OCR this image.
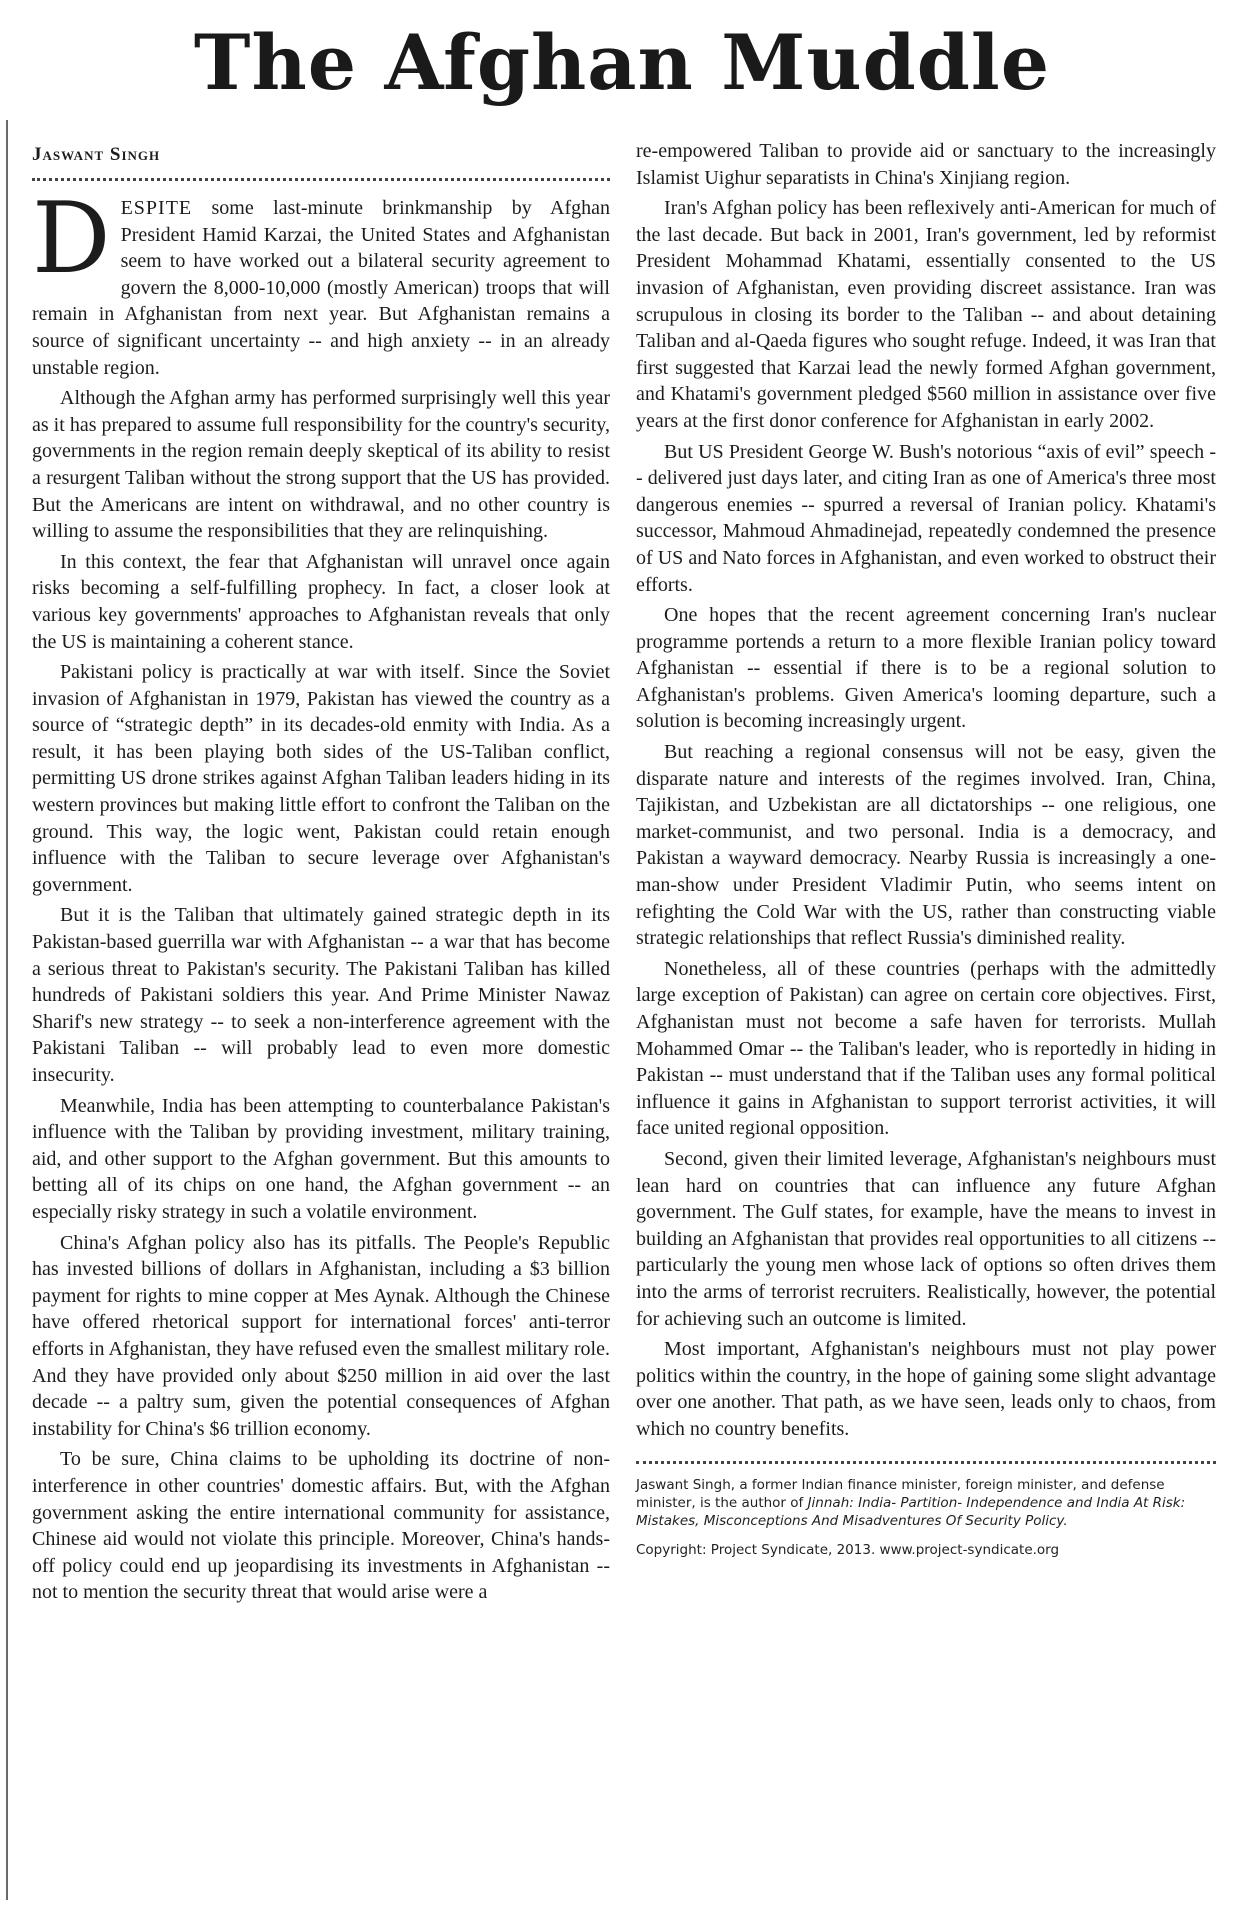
The Afghan Muddle
Jaswant Singh

DESPITE some last-minute brinkmanship by Afghan President Hamid Karzai, the United States and Afghanistan seem to have worked out a bilateral security agreement to govern the 8,000-10,000 (mostly American) troops that will remain in Afghanistan from next year. But Afghanistan remains a source of significant uncertainty -- and high anxiety -- in an already unstable region.

Although the Afghan army has performed surprisingly well this year as it has prepared to assume full responsibility for the country's security, governments in the region remain deeply skeptical of its ability to resist a resurgent Taliban without the strong support that the US has provided. But the Americans are intent on withdrawal, and no other country is willing to assume the responsibilities that they are relinquishing.

In this context, the fear that Afghanistan will unravel once again risks becoming a self-fulfilling prophecy. In fact, a closer look at various key governments' approaches to Afghanistan reveals that only the US is maintaining a coherent stance.

Pakistani policy is practically at war with itself. Since the Soviet invasion of Afghanistan in 1979, Pakistan has viewed the country as a source of “strategic depth” in its decades-old enmity with India. As a result, it has been playing both sides of the US-Taliban conflict, permitting US drone strikes against Afghan Taliban leaders hiding in its western provinces but making little effort to confront the Taliban on the ground. This way, the logic went, Pakistan could retain enough influence with the Taliban to secure leverage over Afghanistan's government.

But it is the Taliban that ultimately gained strategic depth in its Pakistan-based guerrilla war with Afghanistan -- a war that has become a serious threat to Pakistan's security. The Pakistani Taliban has killed hundreds of Pakistani soldiers this year. And Prime Minister Nawaz Sharif's new strategy -- to seek a non-interference agreement with the Pakistani Taliban -- will probably lead to even more domestic insecurity.

Meanwhile, India has been attempting to counterbalance Pakistan's influence with the Taliban by providing investment, military training, aid, and other support to the Afghan government. But this amounts to betting all of its chips on one hand, the Afghan government -- an especially risky strategy in such a volatile environment.

China's Afghan policy also has its pitfalls. The People's Republic has invested billions of dollars in Afghanistan, including a $3 billion payment for rights to mine copper at Mes Aynak. Although the Chinese have offered rhetorical support for international forces' anti-terror efforts in Afghanistan, they have refused even the smallest military role. And they have provided only about $250 million in aid over the last decade -- a paltry sum, given the potential consequences of Afghan instability for China's $6 trillion economy.

To be sure, China claims to be upholding its doctrine of non-interference in other countries' domestic affairs. But, with the Afghan government asking the entire international community for assistance, Chinese aid would not violate this principle. Moreover, China's hands-off policy could end up jeopardising its investments in Afghanistan -- not to mention the security threat that would arise were a

re-empowered Taliban to provide aid or sanctuary to the increasingly Islamist Uighur separatists in China's Xinjiang region.

Iran's Afghan policy has been reflexively anti-American for much of the last decade. But back in 2001, Iran's government, led by reformist President Mohammad Khatami, essentially consented to the US invasion of Afghanistan, even providing discreet assistance. Iran was scrupulous in closing its border to the Taliban -- and about detaining Taliban and al-Qaeda figures who sought refuge. Indeed, it was Iran that first suggested that Karzai lead the newly formed Afghan government, and Khatami's government pledged $560 million in assistance over five years at the first donor conference for Afghanistan in early 2002.

But US President George W. Bush's notorious “axis of evil” speech -- delivered just days later, and citing Iran as one of America's three most dangerous enemies -- spurred a reversal of Iranian policy. Khatami's successor, Mahmoud Ahmadinejad, repeatedly condemned the presence of US and Nato forces in Afghanistan, and even worked to obstruct their efforts.

One hopes that the recent agreement concerning Iran's nuclear programme portends a return to a more flexible Iranian policy toward Afghanistan -- essential if there is to be a regional solution to Afghanistan's problems. Given America's looming departure, such a solution is becoming increasingly urgent.

But reaching a regional consensus will not be easy, given the disparate nature and interests of the regimes involved. Iran, China, Tajikistan, and Uzbekistan are all dictatorships -- one religious, one market-communist, and two personal. India is a democracy, and Pakistan a wayward democracy. Nearby Russia is increasingly a one-man-show under President Vladimir Putin, who seems intent on refighting the Cold War with the US, rather than constructing viable strategic relationships that reflect Russia's diminished reality.

Nonetheless, all of these countries (perhaps with the admittedly large exception of Pakistan) can agree on certain core objectives. First, Afghanistan must not become a safe haven for terrorists. Mullah Mohammed Omar -- the Taliban's leader, who is reportedly in hiding in Pakistan -- must understand that if the Taliban uses any formal political influence it gains in Afghanistan to support terrorist activities, it will face united regional opposition.

Second, given their limited leverage, Afghanistan's neighbours must lean hard on countries that can influence any future Afghan government. The Gulf states, for example, have the means to invest in building an Afghanistan that provides real opportunities to all citizens -- particularly the young men whose lack of options so often drives them into the arms of terrorist recruiters. Realistically, however, the potential for achieving such an outcome is limited.

Most important, Afghanistan's neighbours must not play power politics within the country, in the hope of gaining some slight advantage over one another. That path, as we have seen, leads only to chaos, from which no country benefits.

Jaswant Singh, a former Indian finance minister, foreign minister, and defense minister, is the author of Jinnah: India- Partition- Independence and India At Risk: Mistakes, Misconceptions And Misadventures Of Security Policy.

Copyright: Project Syndicate, 2013. www.project-syndicate.org
